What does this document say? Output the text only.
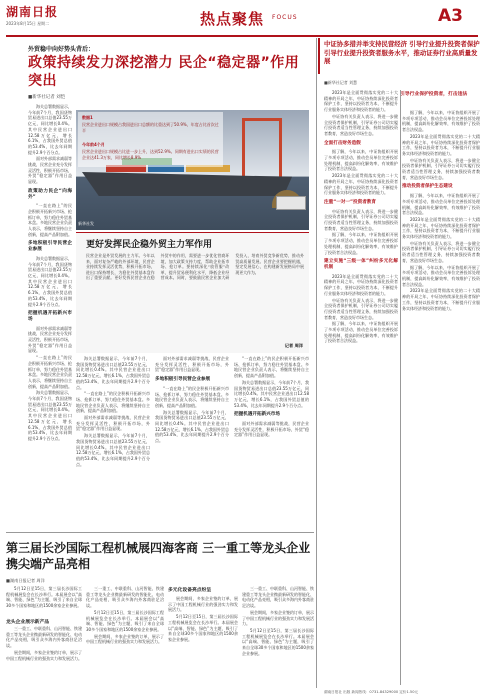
湖南日报
2023年8月15日 星期二	热点聚焦 FOCUS	A3
外贸稳中向好势头背后：
政策持续发力深挖潜力 民企“稳定器”作用突出
■新华社记者 刘恺

海关总署数据显示，今年前7个月，我国货物贸易进出口总值23.55万亿元，同比增长0.4%。其中民营企业进出口12.58万亿元，增长6.1%，占我国外贸总值的53.4%，比去年同期提升2.9个百分点。

面对外部需求减弱等挑战，民营企业充分发挥灵活性，积极开拓市场，外贸“稳定器”作用日益显现。

政策助力民企“向海外”

“一直在路上”的民企积极开拓新兴市场、抢抓订单，努力稳住外贸基本盘。多地民营企业负责人表示，将继续坚持自主创新，提高产品附加值。

多地积极引导民营企业参展

海关总署数据显示，今年前7个月，我国货物贸易进出口总值23.55万亿元，同比增长0.4%。其中民营企业进出口12.58万亿元，增长6.1%，占我国外贸总值的53.4%，比去年同期提升2.9个百分点。

把握机遇开拓新兴市场

面对外部需求减弱等挑战，民营企业充分发挥灵活性，积极开拓市场，外贸“稳定器”作用日益显现。

“一直在路上”的民企积极开拓新兴市场、抢抓订单，努力稳住外贸基本盘。多地民营企业负责人表示，将继续坚持自主创新，提高产品附加值。

海关总署数据显示，今年前7个月，我国货物贸易进出口总值23.55万亿元，同比增长0.4%。其中民营企业进出口12.58万亿元，增长6.1%，占我国外贸总值的53.4%，比去年同期提升2.9个百分点。

数据1
民营企业进出口规模占我国进出口总额的比重达到了50.9%，年度占比首次过半
今年前4个月
民营企业进出口规模占比进一步上升，达到52.9%。同期有进出口实绩的民营企业达41.3万家，同比增长8.9%
新华社发
更好发挥民企稳外贸主力军作用
民营企业是外贸发展的主力军。今年以来，面对复杂严峻的外部环境，民营企业持续发挥灵活优势，积极开拓市场，进出口保持增长，为稳住外贸基本盘作出了重要贡献。更好发挥民营企业在稳外贸中的作用，需要进一步优化营商环境，加大政策支持力度，帮助企业拓市场、抢订单。要持续深化“放管服”改革，提升贸易便利化水平，降低企业经营成本。同时，要鼓励民营企业加大研发投入，培育外贸竞争新优势，推动外贸高质量发展。民营企业要把握机遇，坚定发展信心，在构建新发展格局中展现更大作为。
记者 周洋

海关总署数据显示，今年前7个月，我国货物贸易进出口总值23.55万亿元，同比增长0.4%。其中民营企业进出口12.58万亿元，增长6.1%，占我国外贸总值的53.4%，比去年同期提升2.9个百分点。

“一直在路上”的民企积极开拓新兴市场、抢抓订单，努力稳住外贸基本盘。多地民营企业负责人表示，将继续坚持自主创新，提高产品附加值。

面对外部需求减弱等挑战，民营企业充分发挥灵活性，积极开拓市场，外贸“稳定器”作用日益显现。

海关总署数据显示，今年前7个月，我国货物贸易进出口总值23.55万亿元，同比增长0.4%。其中民营企业进出口12.58万亿元，增长6.1%，占我国外贸总值的53.4%，比去年同期提升2.9个百分点。

面对外部需求减弱等挑战，民营企业充分发挥灵活性，积极开拓市场，外贸“稳定器”作用日益显现。

多地积极引导民营企业参展

“一直在路上”的民企积极开拓新兴市场、抢抓订单，努力稳住外贸基本盘。多地民营企业负责人表示，将继续坚持自主创新，提高产品附加值。

海关总署数据显示，今年前7个月，我国货物贸易进出口总值23.55万亿元，同比增长0.4%。其中民营企业进出口12.58万亿元，增长6.1%，占我国外贸总值的53.4%，比去年同期提升2.9个百分点。

“一直在路上”的民企积极开拓新兴市场、抢抓订单，努力稳住外贸基本盘。多地民营企业负责人表示，将继续坚持自主创新，提高产品附加值。

海关总署数据显示，今年前7个月，我国货物贸易进出口总值23.55万亿元，同比增长0.4%。其中民营企业进出口12.58万亿元，增长6.1%，占我国外贸总值的53.4%，比去年同期提升2.9个百分点。

把握机遇开拓新兴市场

面对外部需求减弱等挑战，民营企业充分发挥灵活性，积极开拓市场，外贸“稳定器”作用日益显现。

中证协多措并举支持民营经济 引导行业提升投资者保护 引导行业提升投资者服务水平，推动证券行业高质量发展
■新华社记者 刘慧
引导行业保护投资者，打击违法

2023年是全面贯彻落实党的二十大精神的开局之年，中证协持续深化投资者保护工作，坚持以投资者为本，不断提升行业服务实体经济和投资者的能力。

中证协有关负责人表示，将进一步健全投资者保护机制，引导证券公司切实履行投资者适当性管理义务，持续加强投资者教育，营造良好市场生态。

全面打击财务造假

据了解，今年以来，中证协组织开展了多项专项活动，推动会员单位完善投诉处理机制，提高纠纷化解效率，有效维护了投资者合法权益。

2023年是全面贯彻落实党的二十大精神的开局之年，中证协持续深化投资者保护工作，坚持以投资者为本，不断提升行业服务实体经济和投资者的能力。

注重“一对一”投资者教育

中证协有关负责人表示，将进一步健全投资者保护机制，引导证券公司切实履行投资者适当性管理义务，持续加强投资者教育，营造良好市场生态。

据了解，今年以来，中证协组织开展了多项专项活动，推动会员单位完善投诉处理机制，提高纠纷化解效率，有效维护了投资者合法权益。

建立实施“三级一体”纠纷多元化解机制

2023年是全面贯彻落实党的二十大精神的开局之年，中证协持续深化投资者保护工作，坚持以投资者为本，不断提升行业服务实体经济和投资者的能力。

中证协有关负责人表示，将进一步健全投资者保护机制，引导证券公司切实履行投资者适当性管理义务，持续加强投资者教育，营造良好市场生态。

据了解，今年以来，中证协组织开展了多项专项活动，推动会员单位完善投诉处理机制，提高纠纷化解效率，有效维护了投资者合法权益。

据了解，今年以来，中证协组织开展了多项专项活动，推动会员单位完善投诉处理机制，提高纠纷化解效率，有效维护了投资者合法权益。

2023年是全面贯彻落实党的二十大精神的开局之年，中证协持续深化投资者保护工作，坚持以投资者为本，不断提升行业服务实体经济和投资者的能力。

中证协有关负责人表示，将进一步健全投资者保护机制，引导证券公司切实履行投资者适当性管理义务，持续加强投资者教育，营造良好市场生态。

推动投资者保护生态建设

据了解，今年以来，中证协组织开展了多项专项活动，推动会员单位完善投诉处理机制，提高纠纷化解效率，有效维护了投资者合法权益。

2023年是全面贯彻落实党的二十大精神的开局之年，中证协持续深化投资者保护工作，坚持以投资者为本，不断提升行业服务实体经济和投资者的能力。

中证协有关负责人表示，将进一步健全投资者保护机制，引导证券公司切实履行投资者适当性管理义务，持续加强投资者教育，营造良好市场生态。

据了解，今年以来，中证协组织开展了多项专项活动，推动会员单位完善投诉处理机制，提高纠纷化解效率，有效维护了投资者合法权益。

2023年是全面贯彻落实党的二十大精神的开局之年，中证协持续深化投资者保护工作，坚持以投资者为本，不断提升行业服务实体经济和投资者的能力。

第三届长沙国际工程机械展四海客商 三一重工等龙头企业携尖端产品亮相
■湖南日报记者 周洋

5月12日至15日，第三届长沙国际工程机械展览会在长沙举行。本届展会以“高端、智能、绿色”为主题，吸引了来自全球30多个国家和地区的1500余家企业参展。

龙头企业展示新产品

三一重工、中联重科、山河智能、铁建重工等龙头企业携最新研发的智能化、电动化产品亮相，吸引众多海内外客商驻足洽谈。

展会期间，多家企业签约订单，展示了中国工程机械行业的强劲实力和发展活力。

三一重工、中联重科、山河智能、铁建重工等龙头企业携最新研发的智能化、电动化产品亮相，吸引众多海内外客商驻足洽谈。

5月12日至15日，第三届长沙国际工程机械展览会在长沙举行。本届展会以“高端、智能、绿色”为主题，吸引了来自全球30多个国家和地区的1500余家企业参展。

展会期间，多家企业签约订单，展示了中国工程机械行业的强劲实力和发展活力。

多元化设备亮点纷呈

展会期间，多家企业签约订单，展示了中国工程机械行业的强劲实力和发展活力。

5月12日至15日，第三届长沙国际工程机械展览会在长沙举行。本届展会以“高端、智能、绿色”为主题，吸引了来自全球30多个国家和地区的1500余家企业参展。

三一重工、中联重科、山河智能、铁建重工等龙头企业携最新研发的智能化、电动化产品亮相，吸引众多海内外客商驻足洽谈。

展会期间，多家企业签约订单，展示了中国工程机械行业的强劲实力和发展活力。

5月12日至15日，第三届长沙国际工程机械展览会在长沙举行。本届展会以“高端、智能、绿色”为主题，吸引了来自全球30多个国家和地区的1500余家企业参展。

湖南日报社 出版 新闻热线：0731-84329000 定价1.50元
